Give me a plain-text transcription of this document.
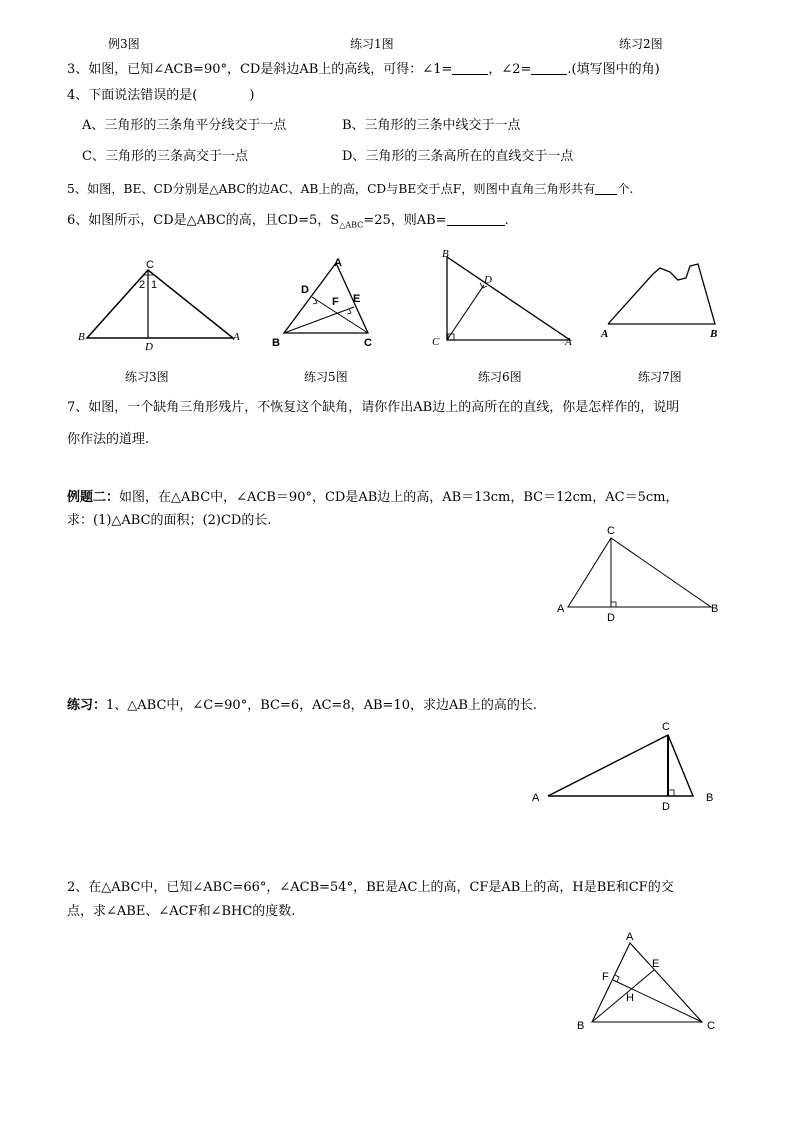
例3图	练习1图	练习2图
3、如图，已知∠ACB=90°，CD是斜边AB上的高线，可得：∠1=	，∠2=	.(填写图中的角)
4、下面说法错误的是(	)
A、三角形的三条角平分线交于一点	B、三角形的三条中线交于一点
C、三角形的三条高交于一点	D、三角形的三条高所在的直线交于一点
5、如图，BE、CD分别是△ABC的边AC、AB上的高，CD与BE交于点F，则图中直角三角形共有 个.
6、如图所示，CD是△ABC的高，且CD=5，$S_{\triangle ABC}=25$，则AB=	.
C
2 1
B	A
D
A
D
F E
B	C
B
D
C	A
A	B
练习3图	练习5图	练习6图	练习7图
7、如图，一个缺角三角形残片，不恢复这个缺角，请你作出AB边上的高所在的直线，你是怎样作的，说明
你作法的道理.
例题二：如图，在△ABC中，∠ACB＝90°，CD是AB边上的高，AB＝13cm，BC＝12cm，AC＝5cm，
求：(1)△ABC的面积；(2)CD的长.
C
A	B
D
练习：1、△ABC中，∠C=90°，BC=6，AC=8，AB=10，求边AB上的高的长.
C
A	B
D
2、在△ABC中，已知∠ABC=66°，∠ACB=54°，BE是AC上的高，CF是AB上的高，H是BE和CF的交
点，求∠ABE、∠ACF和∠BHC的度数.
A
E
F
H
B	C
